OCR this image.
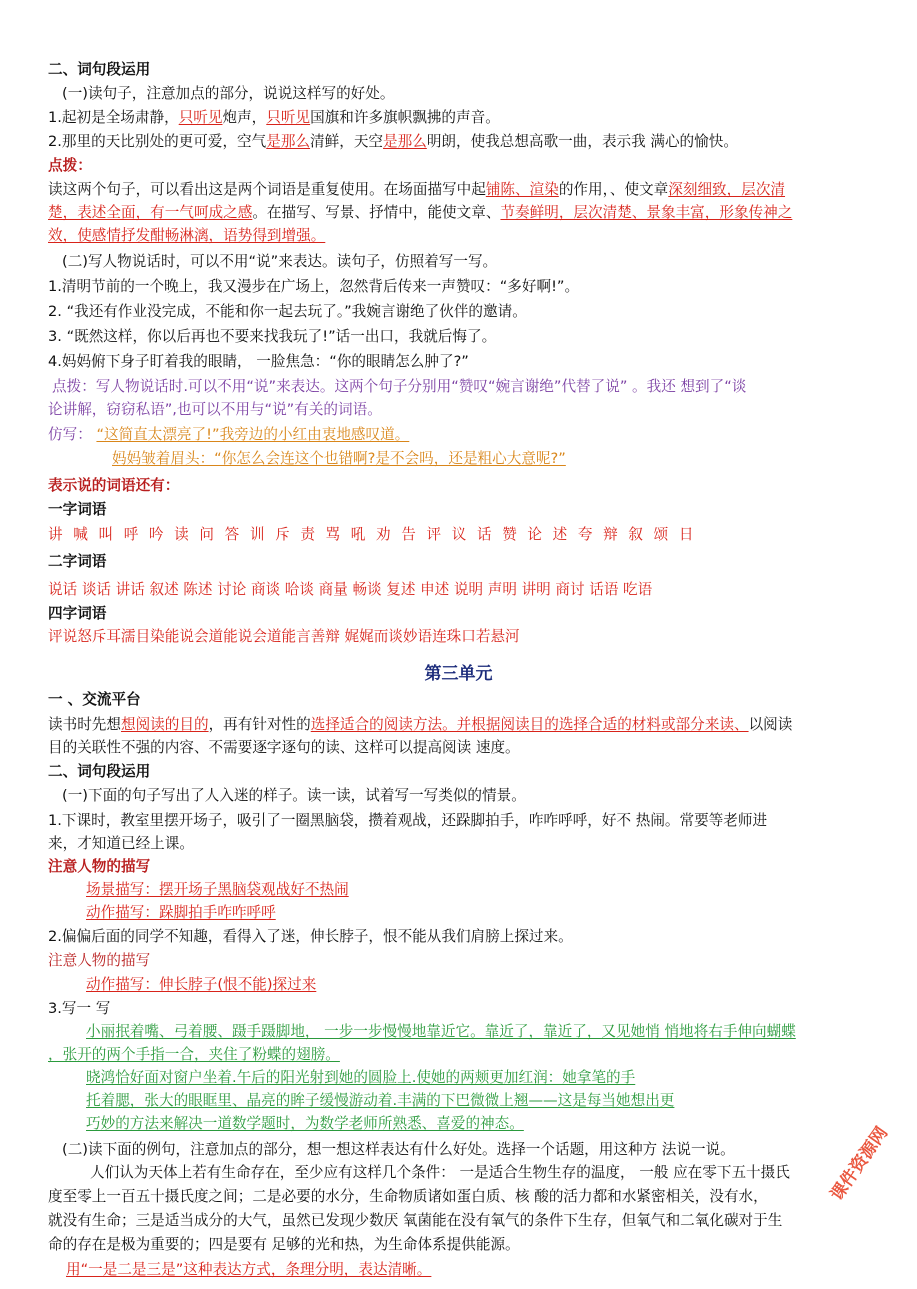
二、词句段运用
(一)读句子，注意加点的部分，说说这样写的好处。
1.起初是全场肃静，只听见炮声，只听见国旗和许多旗帜飘拂的声音。
2.那里的天比别处的更可爱，空气是那么清鲜，天空是那么明朗，使我总想高歌一曲，表示我 满心的愉快。
点拨：
读这两个句子，可以看出这是两个词语是重复使用。在场面描写中起铺陈、渲染的作用，、使文章深刻细致，层次清
楚，表述全面，有一气呵成之感。在描写、写景、抒情中，能使文章、节奏鲜明，层次清楚、景象丰富，形象传神之
效，使感情抒发酣畅淋漓，语势得到增强。
(二)写人物说话时，可以不用“说”来表达。读句子，仿照着写一写。
1.清明节前的一个晚上，我又漫步在广场上，忽然背后传来一声赞叹：“多好啊!”。
2. “我还有作业没完成，不能和你一起去玩了。”我婉言谢绝了伙伴的邀请。
3. “既然这样，你以后再也不要来找我玩了!”话一出口，我就后悔了。
4.妈妈俯下身子盯着我的眼睛， 一脸焦急：“你的眼睛怎么肿了?”
点拨：写人物说话时.可以不用“说”来表达。这两个句子分别用“赞叹“婉言谢绝”代替了说” 。我还 想到了“谈
论讲解，窃窃私语”,也可以不用与“说”有关的词语。
仿写： “这简直太漂亮了!”我旁边的小红由衷地感叹道。
妈妈皱着眉头：“你怎么会连这个也错啊?是不会吗，还是粗心大意呢?”
表示说的词语还有：
一字词语
讲 喊 叫 呼 吟 读 问 答 训 斥 责 骂 吼 劝 告 评 议 话 赞 论 述 夸 辩 叙 颂 日
二字词语
说话 谈话 讲话 叙述 陈述 讨论 商谈 哈谈 商量 畅谈 复述 申述 说明 声明 讲明 商讨 话语 吃语
四字词语
评说怒斥耳濡目染能说会道能说会道能言善辩 娓娓而谈妙语连珠口若悬河
第三单元
一 、交流平台
读书时先想想阅读的目的，再有针对性的选择适合的阅读方法。并根据阅读目的选择合适的材料或部分来读、以阅读
目的关联性不强的内容、不需要逐字逐句的读、这样可以提高阅读 速度。
二、词句段运用
(一)下面的句子写出了人入迷的样子。读一读，试着写一写类似的情景。
1.下课时，教室里摆开场子，吸引了一圈黑脑袋，攒着观战，还跺脚拍手，咋咋呼呼，好不 热闹。常要等老师进
来，才知道已经上课。
注意人物的描写
场景描写：摆开场子黑脑袋观战好不热闹
动作描写：跺脚拍手咋咋呼呼
2.偏偏后面的同学不知趣，看得入了迷，伸长脖子，恨不能从我们肩膀上探过来。
注意人物的描写
动作描写：伸长脖子(恨不能)探过来
3.写一 写
小丽抿着嘴、弓着腰、蹑手蹑脚地， 一步一步慢慢地靠近它。靠近了，靠近了，又见她悄 悄地将右手伸向蝴蝶
，张开的两个手指一合，夹住了粉蝶的翅膀。
晓鸿恰好面对窗户坐着.午后的阳光射到她的圆脸上.使她的两颊更加红润：她拿笔的手
托着腮，张大的眼眶里、晶亮的眸子缓慢游动着.丰满的下巴微微上翘——这是每当她想出更
巧妙的方法来解决一道数学题时，为数学老师所熟悉、喜爱的神态。
(二)读下面的例句，注意加点的部分，想一想这样表达有什么好处。选择一个话题，用这种方 法说一说。
人们认为天体上若有生命存在，至少应有这样几个条件： 一是适合生物生存的温度， 一般 应在零下五十摄氏
度至零上一百五十摄氏度之间；二是必要的水分，生命物质诸如蛋白质、核 酸的活力都和水紧密相关，没有水，
就没有生命；三是适当成分的大气，虽然已发现少数厌 氧菌能在没有氧气的条件下生存，但氧气和二氧化碳对于生
命的存在是极为重要的；四是要有 足够的光和热，为生命体系提供能源。
用“一是二是三是”这种表达方式，条理分明，表达清晰。
课件资源网
